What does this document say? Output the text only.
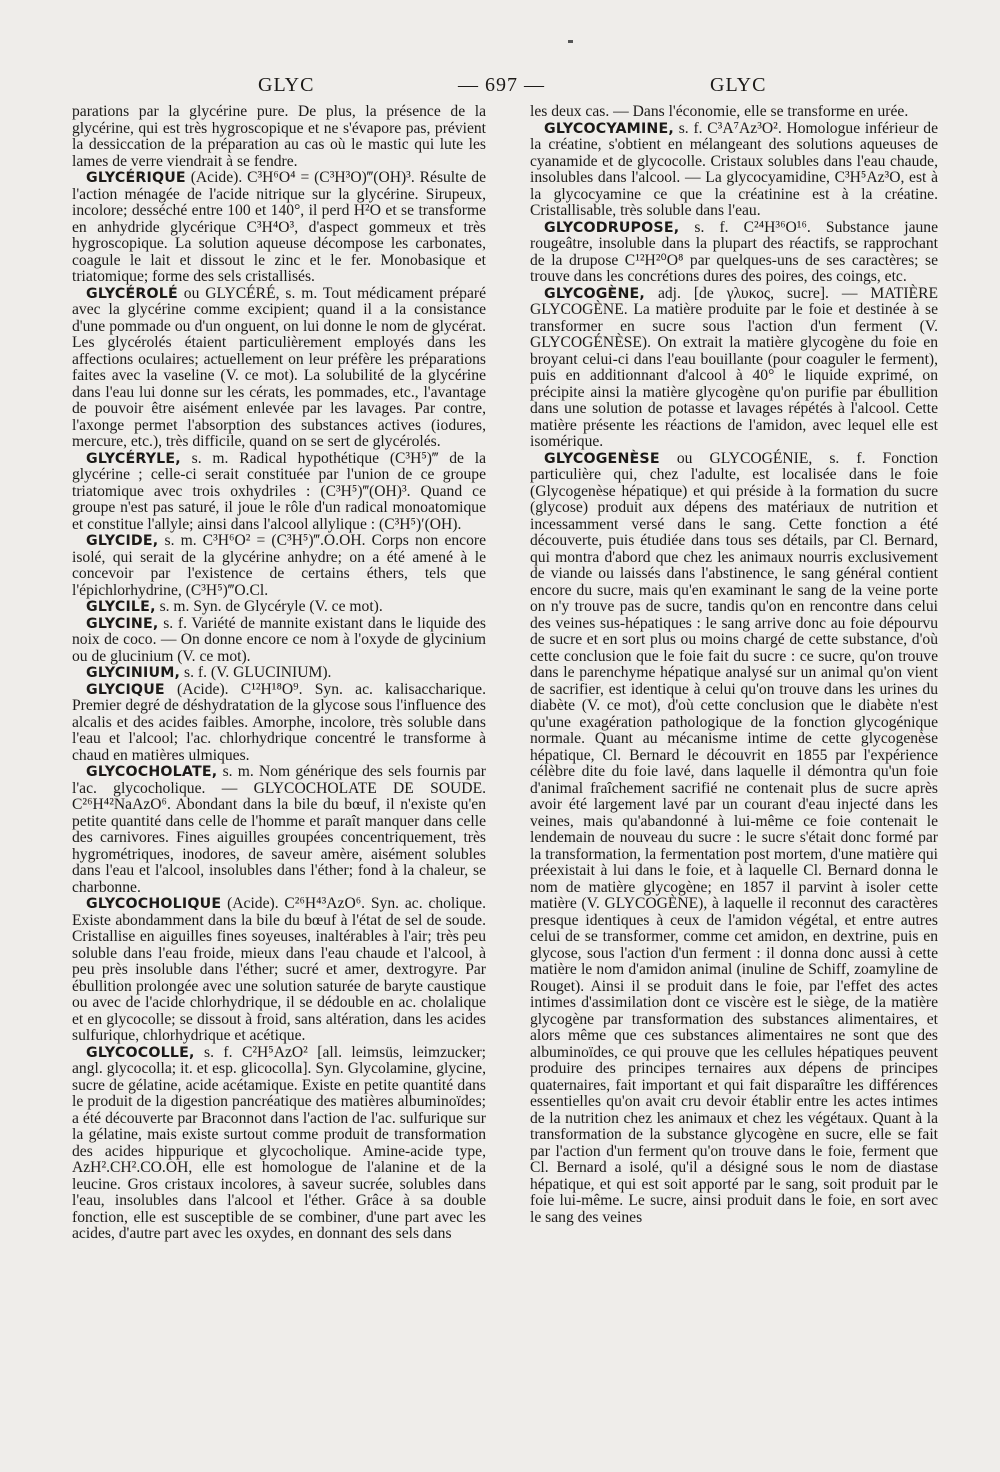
GLYC	— 697 —	GLYC

parations par la glycérine pure. De plus, la présence de la glycérine, qui est très hygroscopique et ne s'évapore pas, prévient la dessiccation de la préparation au cas où le mastic qui lute les lames de verre viendrait à se fendre.

GLYCÉRIQUE (Acide). C³H⁶O⁴ = (C³H³O)‴(OH)³. Résulte de l'action ménagée de l'acide nitrique sur la glycérine. Sirupeux, incolore; desséché entre 100 et 140°, il perd H²O et se transforme en anhydride glycérique C³H⁴O³, d'aspect gommeux et très hygroscopique. La solution aqueuse décompose les carbonates, coagule le lait et dissout le zinc et le fer. Monobasique et triatomique; forme des sels cristallisés.

GLYCÉROLÉ ou GLYCÉRÉ, s. m. Tout médicament préparé avec la glycérine comme excipient; quand il a la consistance d'une pommade ou d'un onguent, on lui donne le nom de glycérat. Les glycérolés étaient particulièrement employés dans les affections oculaires; actuellement on leur préfère les préparations faites avec la vaseline (V. ce mot). La solubilité de la glycérine dans l'eau lui donne sur les cérats, les pommades, etc., l'avantage de pouvoir être aisément enlevée par les lavages. Par contre, l'axonge permet l'absorption des substances actives (iodures, mercure, etc.), très difficile, quand on se sert de glycérolés.

GLYCÉRYLE, s. m. Radical hypothétique (C³H⁵)‴ de la glycérine ; celle-ci serait constituée par l'union de ce groupe triatomique avec trois oxhydriles : (C³H⁵)‴(OH)³. Quand ce groupe n'est pas saturé, il joue le rôle d'un radical monoatomique et constitue l'allyle; ainsi dans l'alcool allylique : (C³H⁵)′(OH).

GLYCIDE, s. m. C³H⁶O² = (C³H⁵)‴.O.OH. Corps non encore isolé, qui serait de la glycérine anhydre; on a été amené à le concevoir par l'existence de certains éthers, tels que l'épichlorhydrine, (C³H⁵)‴O.Cl.

GLYCILE, s. m. Syn. de Glycéryle (V. ce mot).

GLYCINE, s. f. Variété de mannite existant dans le liquide des noix de coco. — On donne encore ce nom à l'oxyde de glycinium ou de glucinium (V. ce mot).

GLYCINIUM, s. f. (V. GLUCINIUM).

GLYCIQUE (Acide). C¹²H¹⁸O⁹. Syn. ac. kalisaccharique. Premier degré de déshydratation de la glycose sous l'influence des alcalis et des acides faibles. Amorphe, incolore, très soluble dans l'eau et l'alcool; l'ac. chlorhydrique concentré le transforme à chaud en matières ulmiques.

GLYCOCHOLATE, s. m. Nom générique des sels fournis par l'ac. glycocholique. — GLYCOCHOLATE DE SOUDE. C²⁶H⁴²NaAzO⁶. Abondant dans la bile du bœuf, il n'existe qu'en petite quantité dans celle de l'homme et paraît manquer dans celle des carnivores. Fines aiguilles groupées concentriquement, très hygrométriques, inodores, de saveur amère, aisément solubles dans l'eau et l'alcool, insolubles dans l'éther; fond à la chaleur, se charbonne.

GLYCOCHOLIQUE (Acide). C²⁶H⁴³AzO⁶. Syn. ac. cholique. Existe abondamment dans la bile du bœuf à l'état de sel de soude. Cristallise en aiguilles fines soyeuses, inaltérables à l'air; très peu soluble dans l'eau froide, mieux dans l'eau chaude et l'alcool, à peu près insoluble dans l'éther; sucré et amer, dextrogyre. Par ébullition prolongée avec une solution saturée de baryte caustique ou avec de l'acide chlorhydrique, il se dédouble en ac. cholalique et en glycocolle; se dissout à froid, sans altération, dans les acides sulfurique, chlorhydrique et acétique.

GLYCOCOLLE, s. f. C²H⁵AzO² [all. leimsüs, leimzucker; angl. glycocolla; it. et esp. glicocolla]. Syn. Glycolamine, glycine, sucre de gélatine, acide acétamique. Existe en petite quantité dans le produit de la digestion pancréatique des matières albuminoïdes; a été découverte par Braconnot dans l'action de l'ac. sulfurique sur la gélatine, mais existe surtout comme produit de transformation des acides hippurique et glycocholique. Amine-acide type, AzH².CH².CO.OH, elle est homologue de l'alanine et de la leucine. Gros cristaux incolores, à saveur sucrée, solubles dans l'eau, insolubles dans l'alcool et l'éther. Grâce à sa double fonction, elle est susceptible de se combiner, d'une part avec les acides, d'autre part avec les oxydes, en donnant des sels dans

les deux cas. — Dans l'économie, elle se transforme en urée.

GLYCOCYAMINE, s. f. C³A⁷Az³O². Homologue inférieur de la créatine, s'obtient en mélangeant des solutions aqueuses de cyanamide et de glycocolle. Cristaux solubles dans l'eau chaude, insolubles dans l'alcool. — La glycocyamidine, C³H⁵Az³O, est à la glycocyamine ce que la créatinine est à la créatine. Cristallisable, très soluble dans l'eau.

GLYCODRUPOSE, s. f. C²⁴H³⁶O¹⁶. Substance jaune rougeâtre, insoluble dans la plupart des réactifs, se rapprochant de la drupose C¹²H²⁰O⁸ par quelques-uns de ses caractères; se trouve dans les concrétions dures des poires, des coings, etc.

GLYCOGÈNE, adj. [de γλυκος, sucre]. — MATIÈRE GLYCOGÈNE. La matière produite par le foie et destinée à se transformer en sucre sous l'action d'un ferment (V. GLYCOGÉNÈSE). On extrait la matière glycogène du foie en broyant celui-ci dans l'eau bouillante (pour coaguler le ferment), puis en additionnant d'alcool à 40° le liquide exprimé, on précipite ainsi la matière glycogène qu'on purifie par ébullition dans une solution de potasse et lavages répétés à l'alcool. Cette matière présente les réactions de l'amidon, avec lequel elle est isomérique.

GLYCOGENÈSE ou GLYCOGÉNIE, s. f. Fonction particulière qui, chez l'adulte, est localisée dans le foie (Glycogenèse hépatique) et qui préside à la formation du sucre (glycose) produit aux dépens des matériaux de nutrition et incessamment versé dans le sang. Cette fonction a été découverte, puis étudiée dans tous ses détails, par Cl. Bernard, qui montra d'abord que chez les animaux nourris exclusivement de viande ou laissés dans l'abstinence, le sang général contient encore du sucre, mais qu'en examinant le sang de la veine porte on n'y trouve pas de sucre, tandis qu'on en rencontre dans celui des veines sus-hépatiques : le sang arrive donc au foie dépourvu de sucre et en sort plus ou moins chargé de cette substance, d'où cette conclusion que le foie fait du sucre : ce sucre, qu'on trouve dans le parenchyme hépatique analysé sur un animal qu'on vient de sacrifier, est identique à celui qu'on trouve dans les urines du diabète (V. ce mot), d'où cette conclusion que le diabète n'est qu'une exagération pathologique de la fonction glycogénique normale. Quant au mécanisme intime de cette glycogenèse hépatique, Cl. Bernard le découvrit en 1855 par l'expérience célèbre dite du foie lavé, dans laquelle il démontra qu'un foie d'animal fraîchement sacrifié ne contenait plus de sucre après avoir été largement lavé par un courant d'eau injecté dans les veines, mais qu'abandonné à lui-même ce foie contenait le lendemain de nouveau du sucre : le sucre s'était donc formé par la transformation, la fermentation post mortem, d'une matière qui préexistait à lui dans le foie, et à laquelle Cl. Bernard donna le nom de matière glycogène; en 1857 il parvint à isoler cette matière (V. GLYCOGÈNE), à laquelle il reconnut des caractères presque identiques à ceux de l'amidon végétal, et entre autres celui de se transformer, comme cet amidon, en dextrine, puis en glycose, sous l'action d'un ferment : il donna donc aussi à cette matière le nom d'amidon animal (inuline de Schiff, zoamyline de Rouget). Ainsi il se produit dans le foie, par l'effet des actes intimes d'assimilation dont ce viscère est le siège, de la matière glycogène par transformation des substances alimentaires, et alors même que ces substances alimentaires ne sont que des albuminoïdes, ce qui prouve que les cellules hépatiques peuvent produire des principes ternaires aux dépens de principes quaternaires, fait important et qui fait disparaître les différences essentielles qu'on avait cru devoir établir entre les actes intimes de la nutrition chez les animaux et chez les végétaux. Quant à la transformation de la substance glycogène en sucre, elle se fait par l'action d'un ferment qu'on trouve dans le foie, ferment que Cl. Bernard a isolé, qu'il a désigné sous le nom de diastase hépatique, et qui est soit apporté par le sang, soit produit par le foie lui-même. Le sucre, ainsi produit dans le foie, en sort avec le sang des veines
